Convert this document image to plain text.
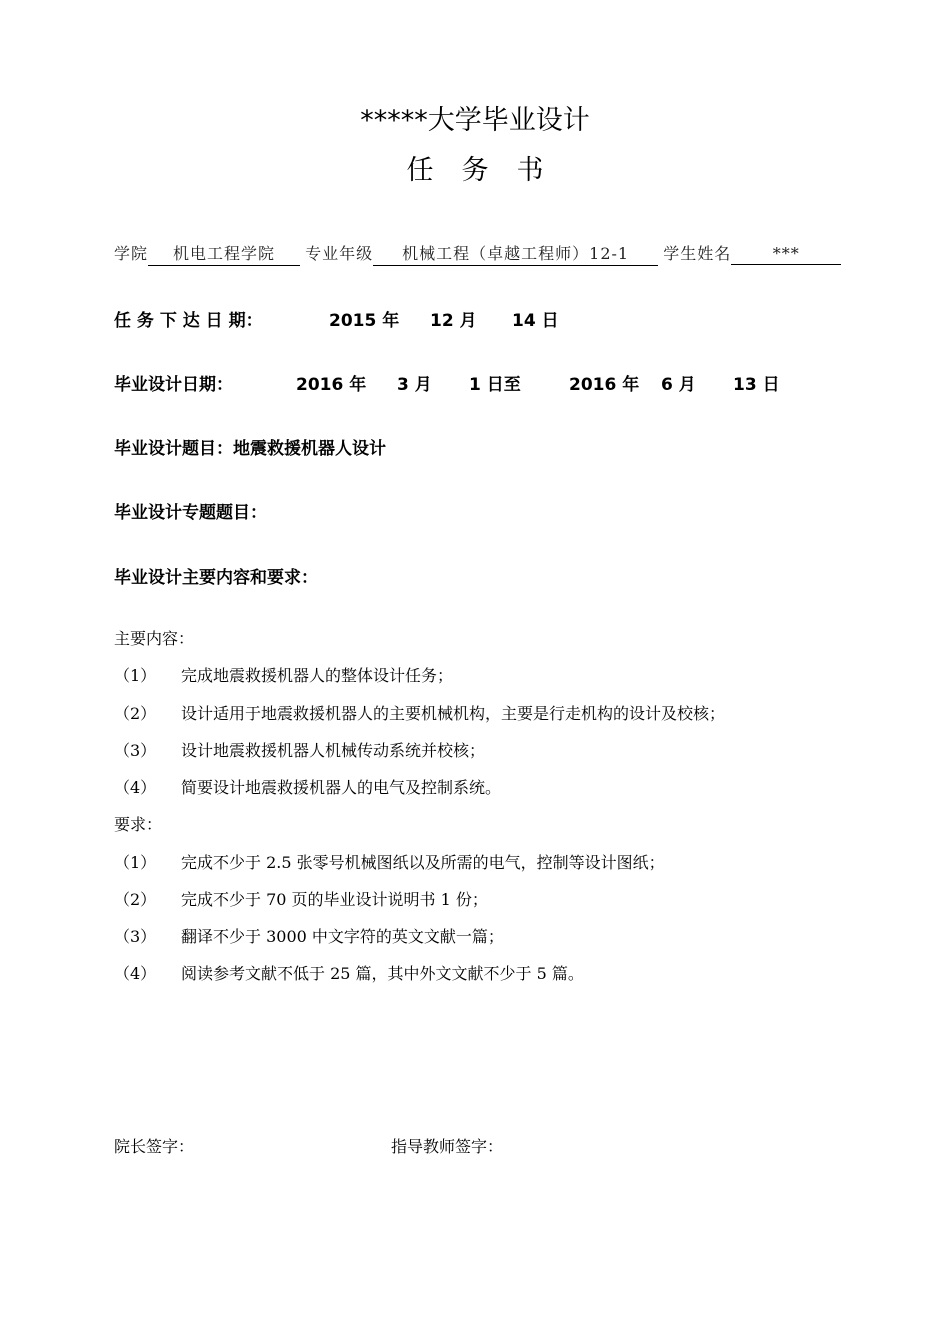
*****大学毕业设计
任务书
学院 机电工程学院 专业年级 机械工程（卓越工程师）12-1 学生姓名	***
任 务 下 达 日 期：	2015 年 12 月 14 日
毕业设计日期：	2016 年 3 月 1 日至	2016 年 6 月 13 日
毕业设计题目：地震救援机器人设计
毕业设计专题题目：
毕业设计主要内容和要求：
主要内容：
（1） 完成地震救援机器人的整体设计任务；
（2） 设计适用于地震救援机器人的主要机械机构，主要是行走机构的设计及校核；
（3） 设计地震救援机器人机械传动系统并校核；
（4） 简要设计地震救援机器人的电气及控制系统。
要求：
（1） 完成不少于 2.5 张零号机械图纸以及所需的电气，控制等设计图纸；
（2） 完成不少于 70 页的毕业设计说明书 1 份；
（3） 翻译不少于 3000 中文字符的英文文献一篇；
（4） 阅读参考文献不低于 25 篇，其中外文文献不少于 5 篇。
院长签字：	指导教师签字：
